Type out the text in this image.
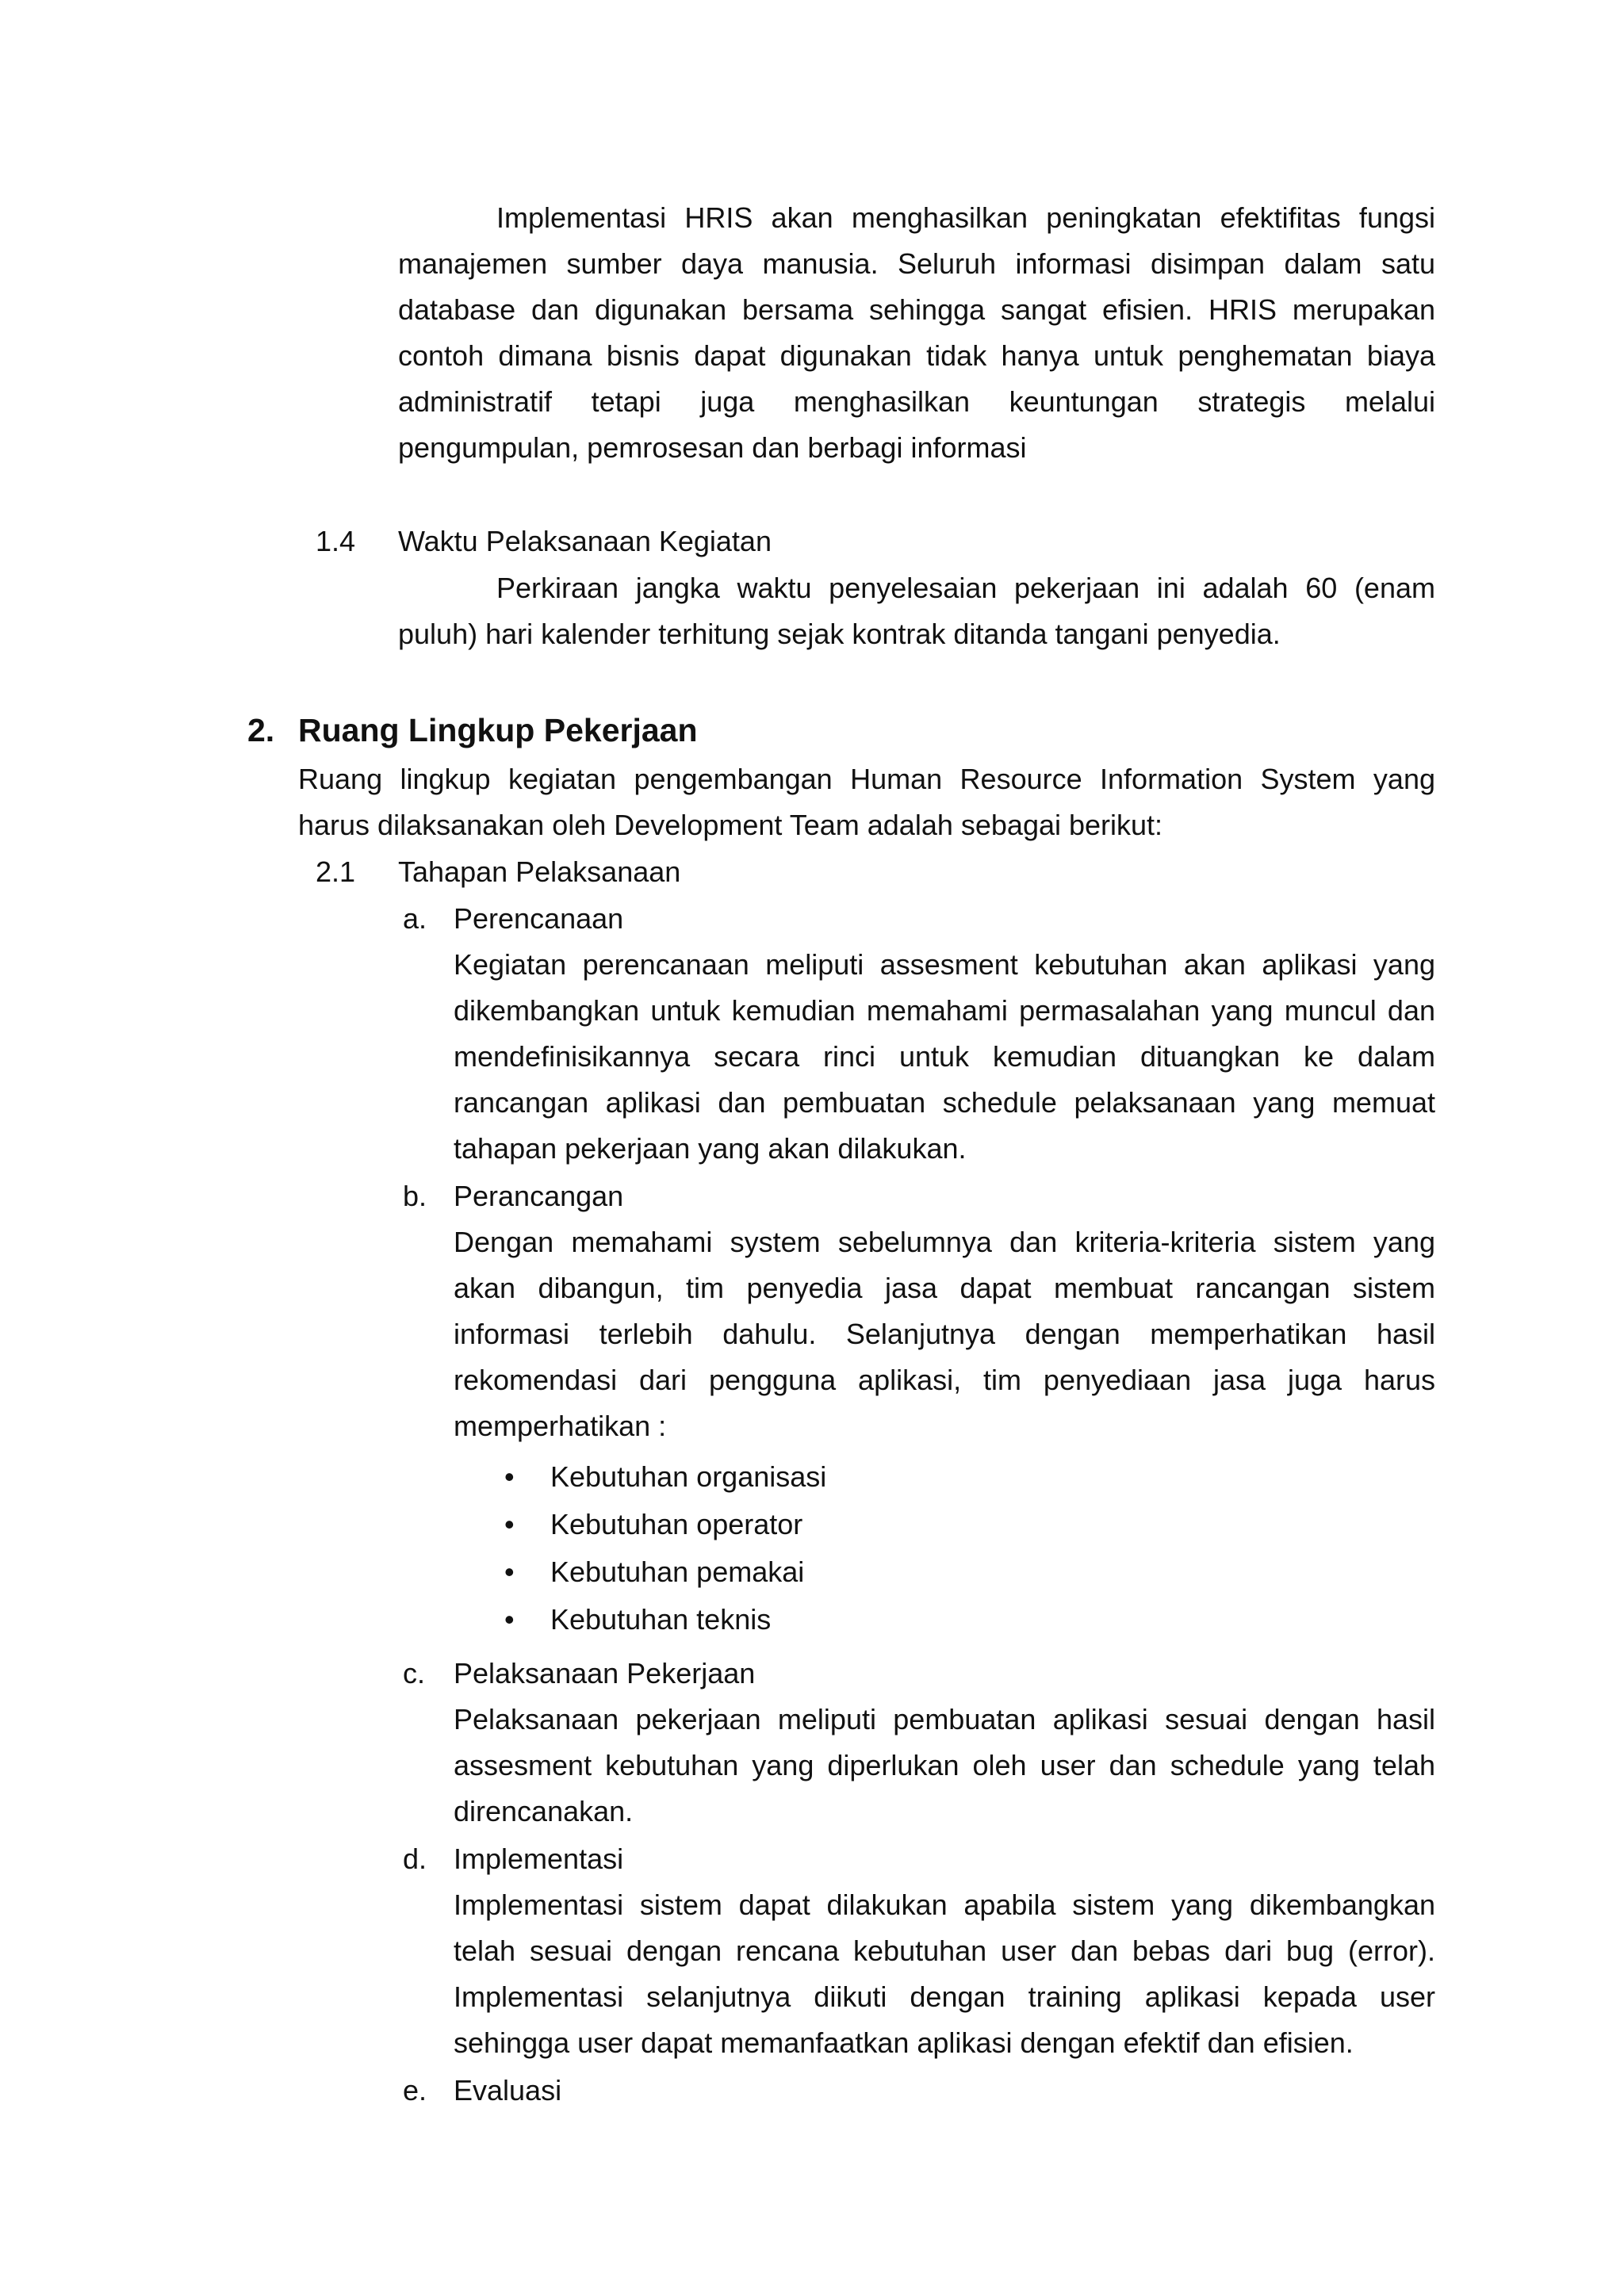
Implementasi HRIS akan menghasilkan peningkatan efektifitas fungsi manajemen sumber daya manusia. Seluruh informasi disimpan dalam satu database dan digunakan bersama sehingga sangat efisien. HRIS merupakan contoh dimana bisnis dapat digunakan tidak hanya untuk penghematan biaya administratif tetapi juga menghasilkan keuntungan strategis melalui pengumpulan, pemrosesan dan berbagi informasi
1.4 Waktu Pelaksanaan Kegiatan
Perkiraan jangka waktu penyelesaian pekerjaan ini adalah 60 (enam puluh) hari kalender terhitung sejak kontrak ditanda tangani penyedia.
2. Ruang Lingkup Pekerjaan
Ruang lingkup kegiatan pengembangan Human Resource Information System yang harus dilaksanakan oleh Development Team adalah sebagai berikut:
2.1 Tahapan Pelaksanaan
a. Perencanaan
Kegiatan perencanaan meliputi assesment kebutuhan akan aplikasi yang dikembangkan untuk kemudian memahami permasalahan yang muncul dan mendefinisikannya secara rinci untuk kemudian dituangkan ke dalam rancangan aplikasi dan pembuatan schedule pelaksanaan yang memuat tahapan pekerjaan yang akan dilakukan.
b. Perancangan
Dengan memahami system sebelumnya dan kriteria-kriteria sistem yang akan dibangun, tim penyedia jasa dapat membuat rancangan sistem informasi terlebih dahulu. Selanjutnya dengan memperhatikan hasil rekomendasi dari pengguna aplikasi, tim penyediaan jasa juga harus memperhatikan :
• Kebutuhan organisasi
• Kebutuhan operator
• Kebutuhan pemakai
• Kebutuhan teknis
c. Pelaksanaan Pekerjaan
Pelaksanaan pekerjaan meliputi pembuatan aplikasi sesuai dengan hasil assesment kebutuhan yang diperlukan oleh user dan schedule yang telah direncanakan.
d. Implementasi
Implementasi sistem dapat dilakukan apabila sistem yang dikembangkan telah sesuai dengan rencana kebutuhan user dan bebas dari bug (error). Implementasi selanjutnya diikuti dengan training aplikasi kepada user sehingga user dapat memanfaatkan aplikasi dengan efektif dan efisien.
e. Evaluasi
